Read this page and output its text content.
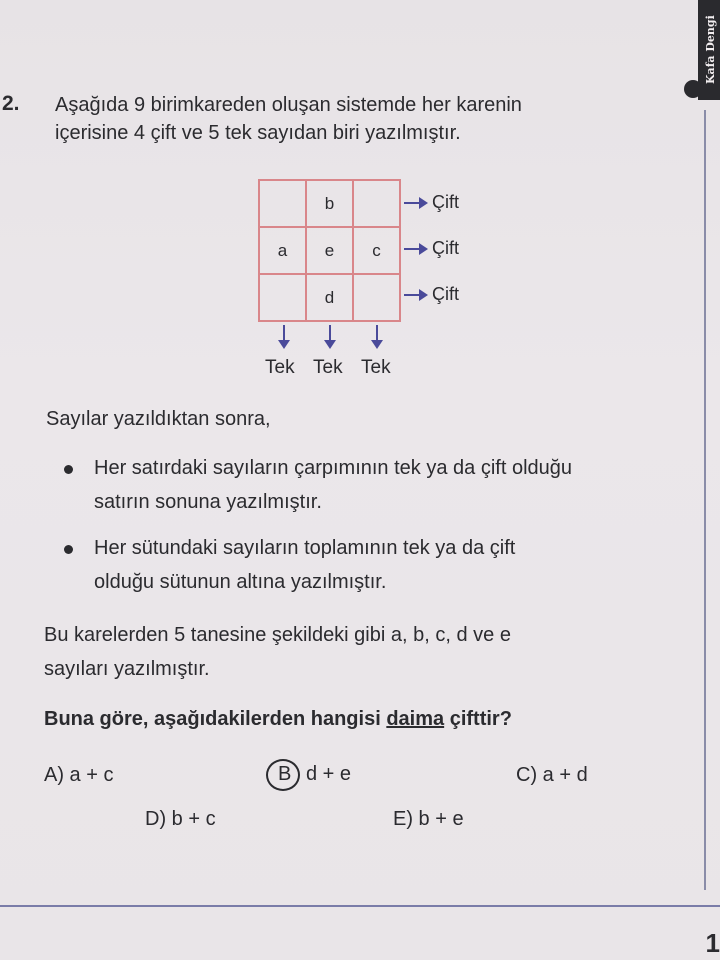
Kafa Dengi
2. Aşağıda 9 birimkareden oluşan sistemde her karenin
içerisine 4 çift ve 5 tek sayıdan biri yazılmıştır.
	b	
a	e	c
	d	
Çift
Çift
Çift
Tek Tek Tek
Sayılar yazıldıktan sonra,
Her satırdaki sayıların çarpımının tek ya da çift olduğu
satırın sonuna yazılmıştır.
Her sütundaki sayıların toplamının tek ya da çift
olduğu sütunun altına yazılmıştır.
Bu karelerden 5 tanesine şekildeki gibi a, b, c, d ve e
sayıları yazılmıştır.
Buna göre, aşağıdakilerden hangisi daima çifttir?
A) a + c	B d + e	C) a + d
D) b + c	E) b + e
1
